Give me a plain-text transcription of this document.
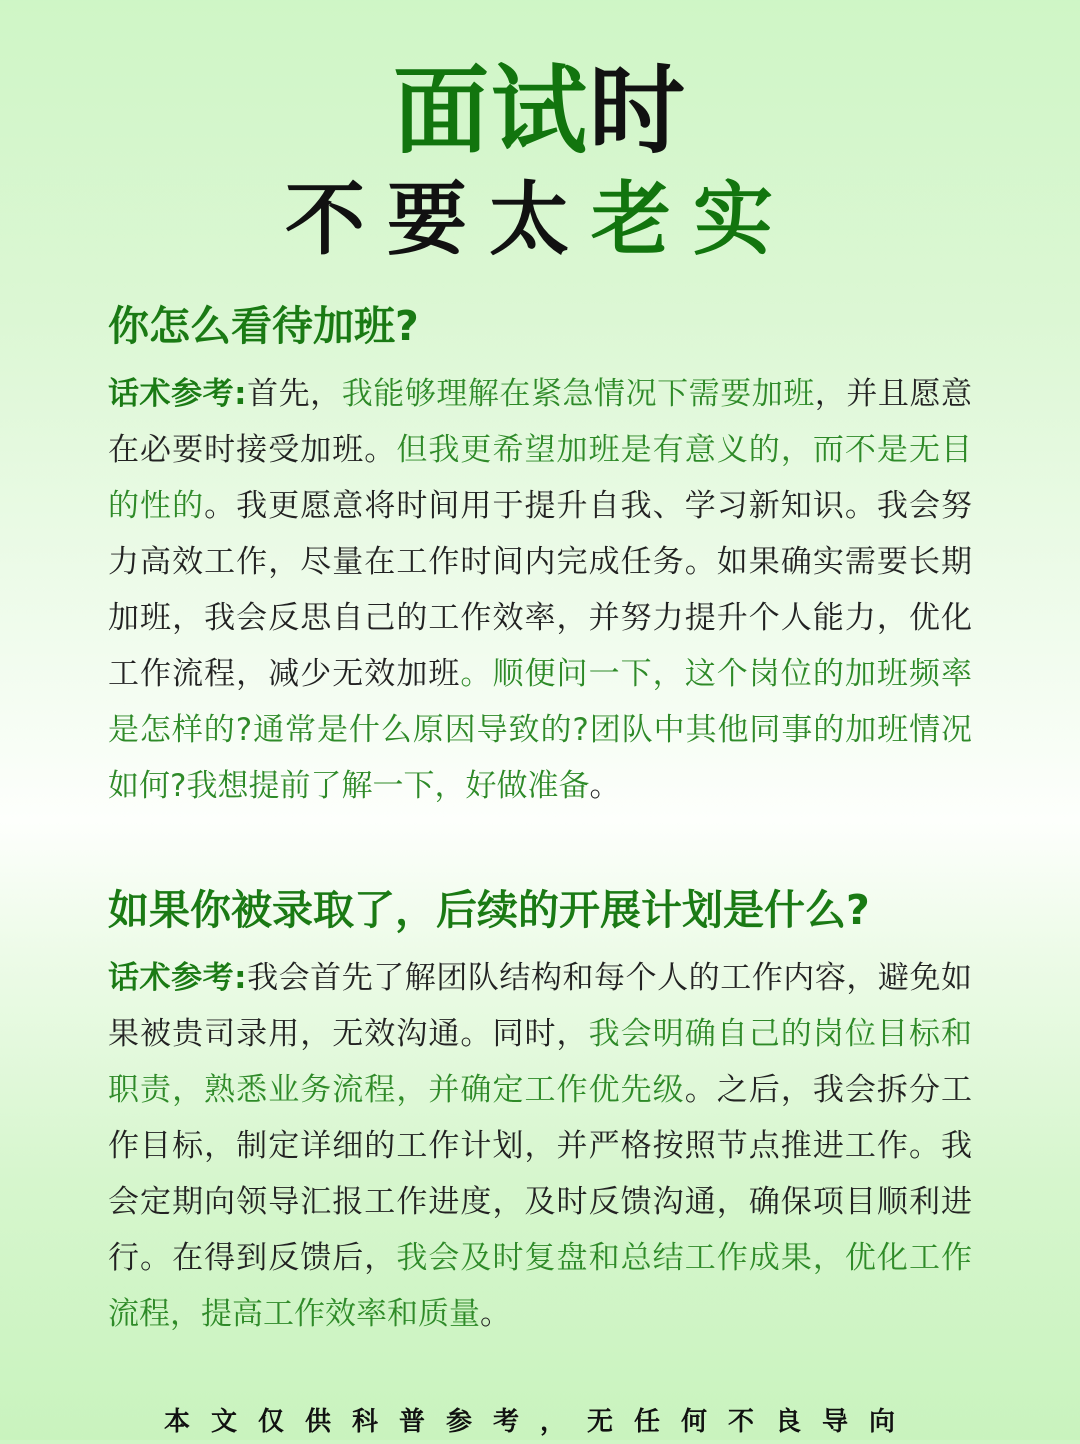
面试时
不要太老实
你怎么看待加班?
话术参考:首先，我能够理解在紧急情况下需要加班，并且愿意在必要时接受加班。但我更希望加班是有意义的，而不是无目的性的。我更愿意将时间用于提升自我、学习新知识。我会努力高效工作，尽量在工作时间内完成任务。如果确实需要长期加班，我会反思自己的工作效率，并努力提升个人能力，优化工作流程，减少无效加班。顺便问一下，这个岗位的加班频率是怎样的?通常是什么原因导致的?团队中其他同事的加班情况如何?我想提前了解一下，好做准备。
如果你被录取了，后续的开展计划是什么?
话术参考:我会首先了解团队结构和每个人的工作内容，避免如果被贵司录用，无效沟通。同时，我会明确自己的岗位目标和职责，熟悉业务流程，并确定工作优先级。之后，我会拆分工作目标，制定详细的工作计划，并严格按照节点推进工作。我会定期向领导汇报工作进度，及时反馈沟通，确保项目顺利进行。在得到反馈后，我会及时复盘和总结工作成果，优化工作流程，提高工作效率和质量。
本文仅供科普参考，无任何不良导向
